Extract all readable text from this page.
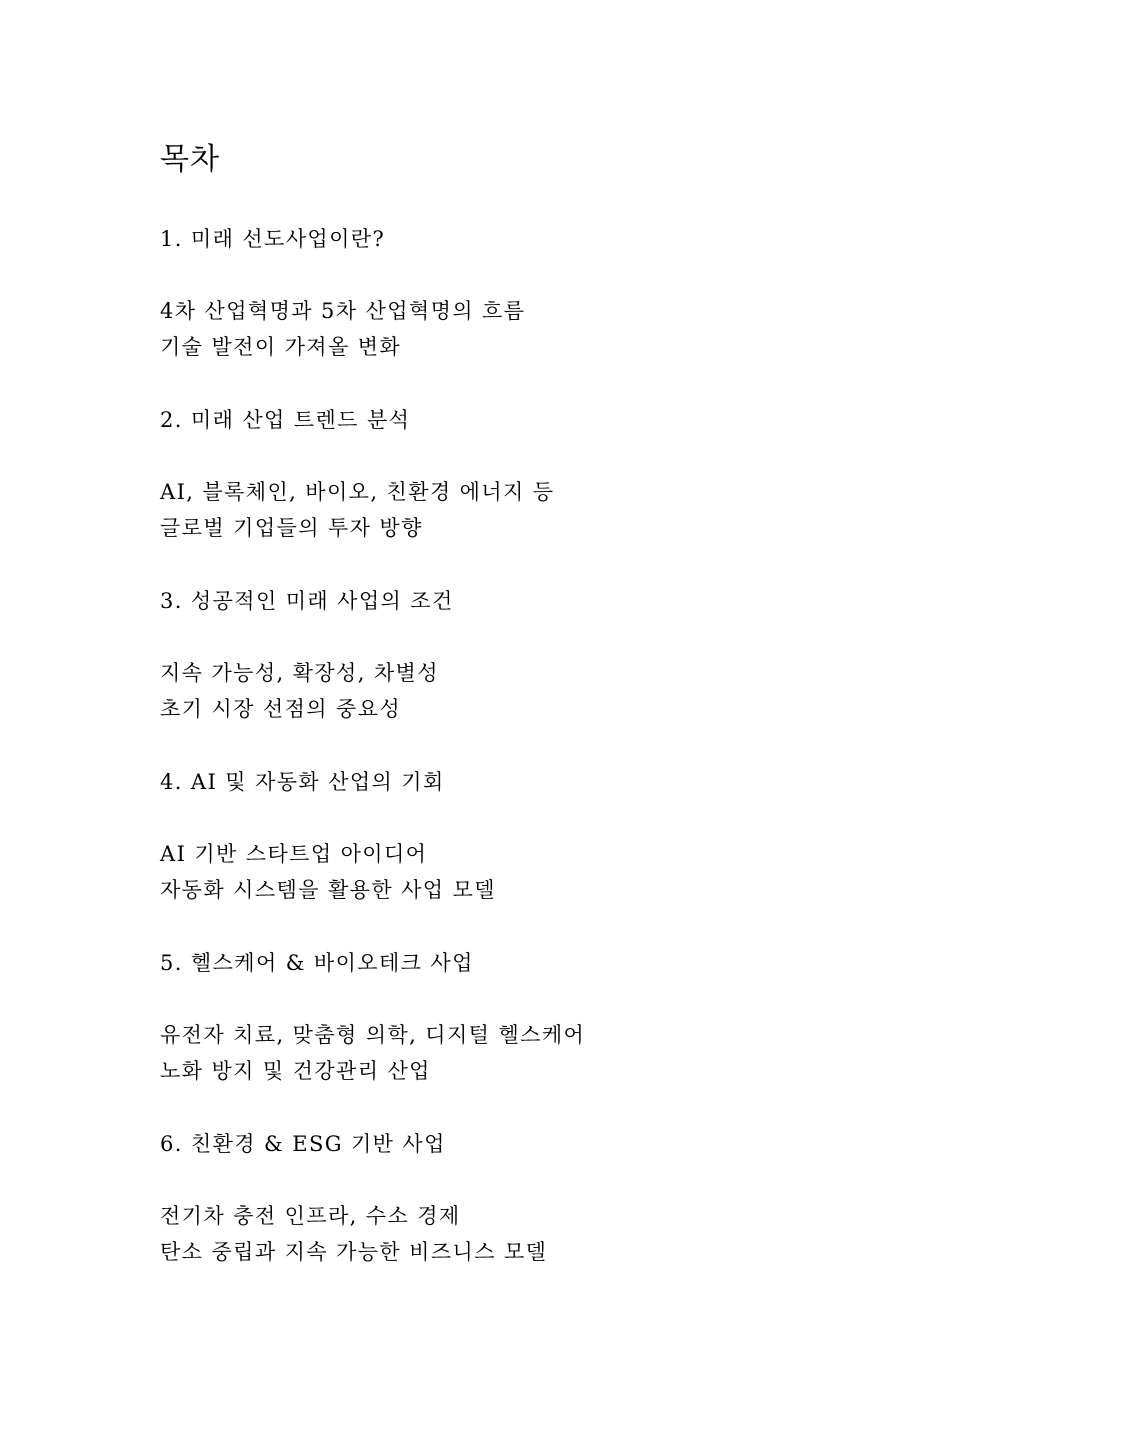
목차
1. 미래 선도사업이란?

4차 산업혁명과 5차 산업혁명의 흐름

기술 발전이 가져올 변화

2. 미래 산업 트렌드 분석

AI, 블록체인, 바이오, 친환경 에너지 등

글로벌 기업들의 투자 방향

3. 성공적인 미래 사업의 조건

지속 가능성, 확장성, 차별성

초기 시장 선점의 중요성

4. AI 및 자동화 산업의 기회

AI 기반 스타트업 아이디어

자동화 시스템을 활용한 사업 모델

5. 헬스케어 & 바이오테크 사업

유전자 치료, 맞춤형 의학, 디지털 헬스케어

노화 방지 및 건강관리 산업

6. 친환경 & ESG 기반 사업

전기차 충전 인프라, 수소 경제

탄소 중립과 지속 가능한 비즈니스 모델
